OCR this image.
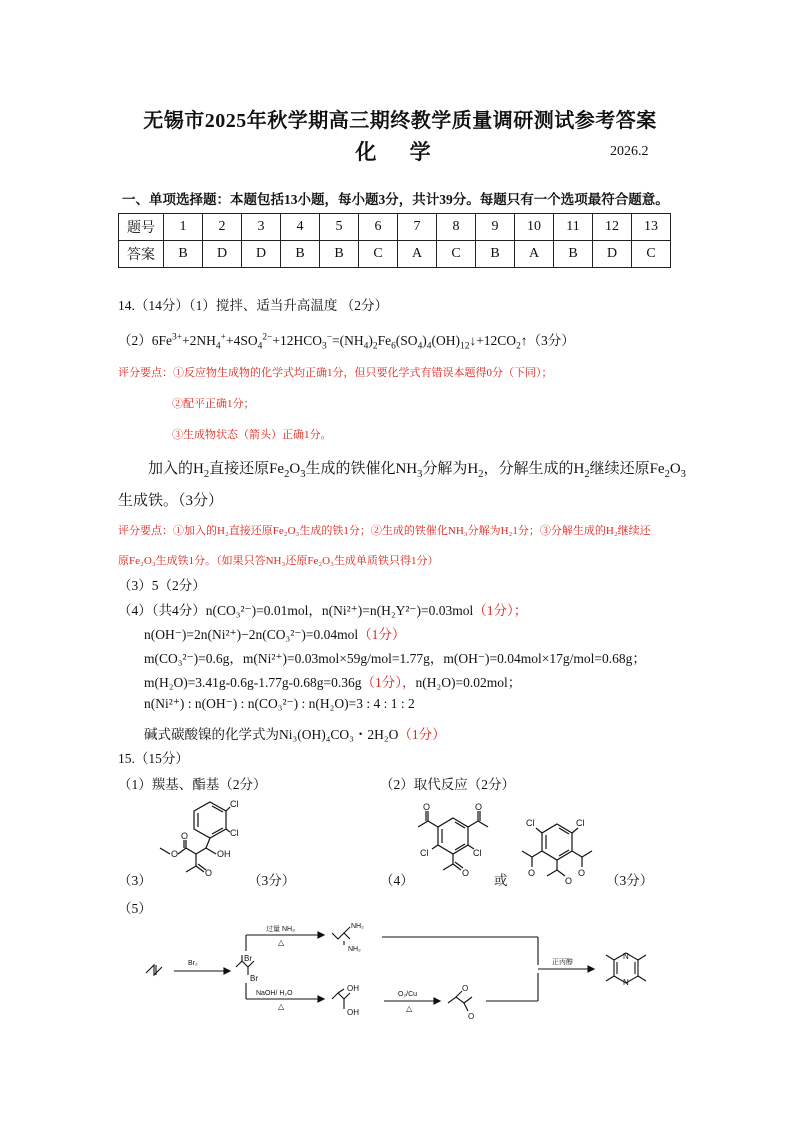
无锡市2025年秋学期高三期终教学质量调研测试参考答案
化 学	2026.2
一、单项选择题：本题包括13小题，每小题3分，共计39分。每题只有一个选项最符合题意。
题号	1	2	3	4	5	6	7	8	9	10	11	12	13
答案	B	D	D	B	B	C	A	C	B	A	B	D	C
14.（14分）（1）搅拌、适当升高温度 （2分）
$(2)6Fe^{3+}+2NH_4^++4SO_4^{2-}+12HCO_3^-=(NH_4)_2Fe_6(SO_4)_4(OH)_{12}↓+12CO_2↑(3$分）
评分要点：①反应物生成物的化学式均正确1分，但只要化学式有错误本题得0分（下同）；
②配平正确1分；
③生成物状态（箭头）正确1分。
加入的$H_2$直接还原$Fe_2O_3$生成的铁催化$NH_3$分解为$H_2$，分解生成的$H_2$继续还原$Fe_2O_3$
生成铁。（3分）
评分要点：①加入的H₂直接还原Fe₂O₃生成的铁1分；②生成的铁催化NH₃分解为H₂1分；③分解生成的H₂继续还
原Fe₂O₃生成铁1分。（如果只答NH₃还原Fe₂O₃生成单质铁只得1分）
（3）5（2分）
（4）（共4分）n(CO₃²⁻)=0.01mol，n(Ni²⁺)=n(H₂Y²⁻)=0.03mol（1分）；
n(OH⁻)=2n(Ni²⁺)−2n(CO₃²⁻)=0.04mol（1分）
m(CO₃²⁻)=0.6g，m(Ni²⁺)=0.03mol×59g/mol=1.77g，m(OH⁻)=0.04mol×17g/mol=0.68g；
m(H₂O)=3.41g-0.6g-1.77g-0.68g=0.36g（1分），n(H₂O)=0.02mol；
n(Ni²⁺) : n(OH⁻) : n(CO₃²⁻) : n(H₂O)=3 : 4 : 1 : 2
碱式碳酸镍的化学式为Ni₃(OH)₄CO₃・2H₂O（1分）
15.（15分）
（1）羰基、酯基（2分）	（2）取代反应（2分）
（3）	（3分）	（4）	或	（3分）
（5）
Cl
Cl
OH
O
O
O
O	O
O
Cl	Cl
Cl	Cl
O	O
O
Br₂
Br
Br
过量 NH₃
△
NaOH/ H₂O
△
NH₂
NH₂
OH
OH
O₂/Cu
△
O
O
正丙醇
N
N
